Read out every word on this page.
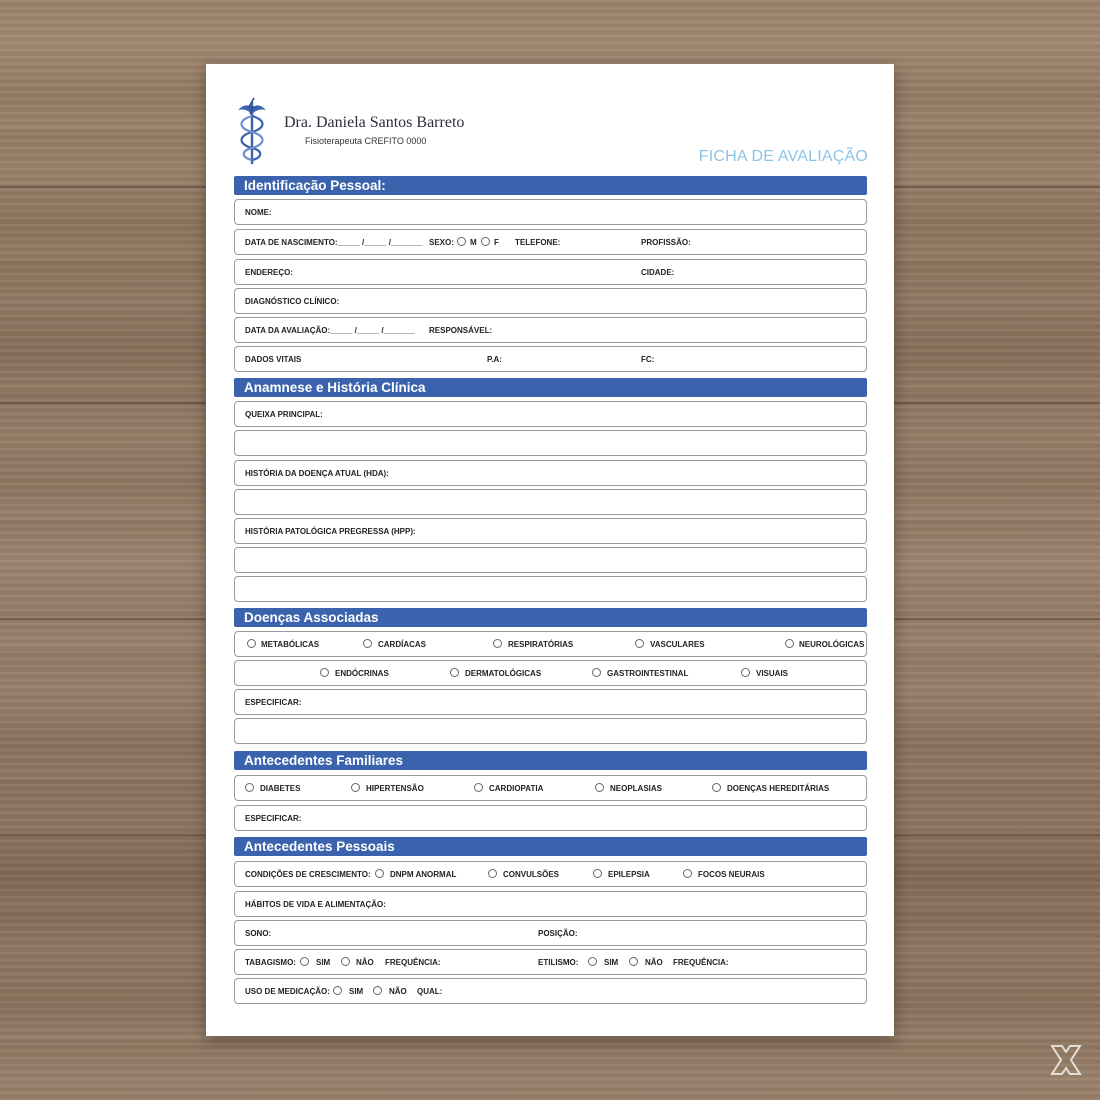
Dra. Daniela Santos Barreto
Fisioterapeuta CREFITO 0000
FICHA DE AVALIAÇÃO
Identificação Pessoal:
NOME:
DATA DE NASCIMENTO:_____ /_____ /_______ SEXO: M F TELEFONE:	PROFISSÃO:
ENDEREÇO:	CIDADE:
DIAGNÓSTICO CLÍNICO:
DATA DA AVALIAÇÃO:_____ /_____ /_______ RESPONSÁVEL:
DADOS VITAIS	P.A:	FC:
Anamnese e História Clínica
QUEIXA PRINCIPAL:
HISTÓRIA DA DOENÇA ATUAL (HDA):
HISTÓRIA PATOLÓGICA PREGRESSA (HPP):
Doenças Associadas
METABÓLICAS	CARDÍACAS	RESPIRATÓRIAS	VASCULARES	NEUROLÓGICAS
ENDÓCRINAS	DERMATOLÓGICAS	GASTROINTESTINAL	VISUAIS
ESPECIFICAR:
Antecedentes Familiares
DIABETES	HIPERTENSÃO	CARDIOPATIA	NEOPLASIAS	DOENÇAS HEREDITÁRIAS
ESPECIFICAR:
Antecedentes Pessoais
CONDIÇÕES DE CRESCIMENTO: DNPM ANORMAL	CONVULSÕES	EPILEPSIA	FOCOS NEURAIS
HÁBITOS DE VIDA E ALIMENTAÇÃO:
SONO:	POSIÇÃO:
TABAGISMO:	SIM	NÃO FREQUÊNCIA:	ETILISMO:	SIM	NÃO FREQUÊNCIA:
USO DE MEDICAÇÃO: SIM	NÃO QUAL:
